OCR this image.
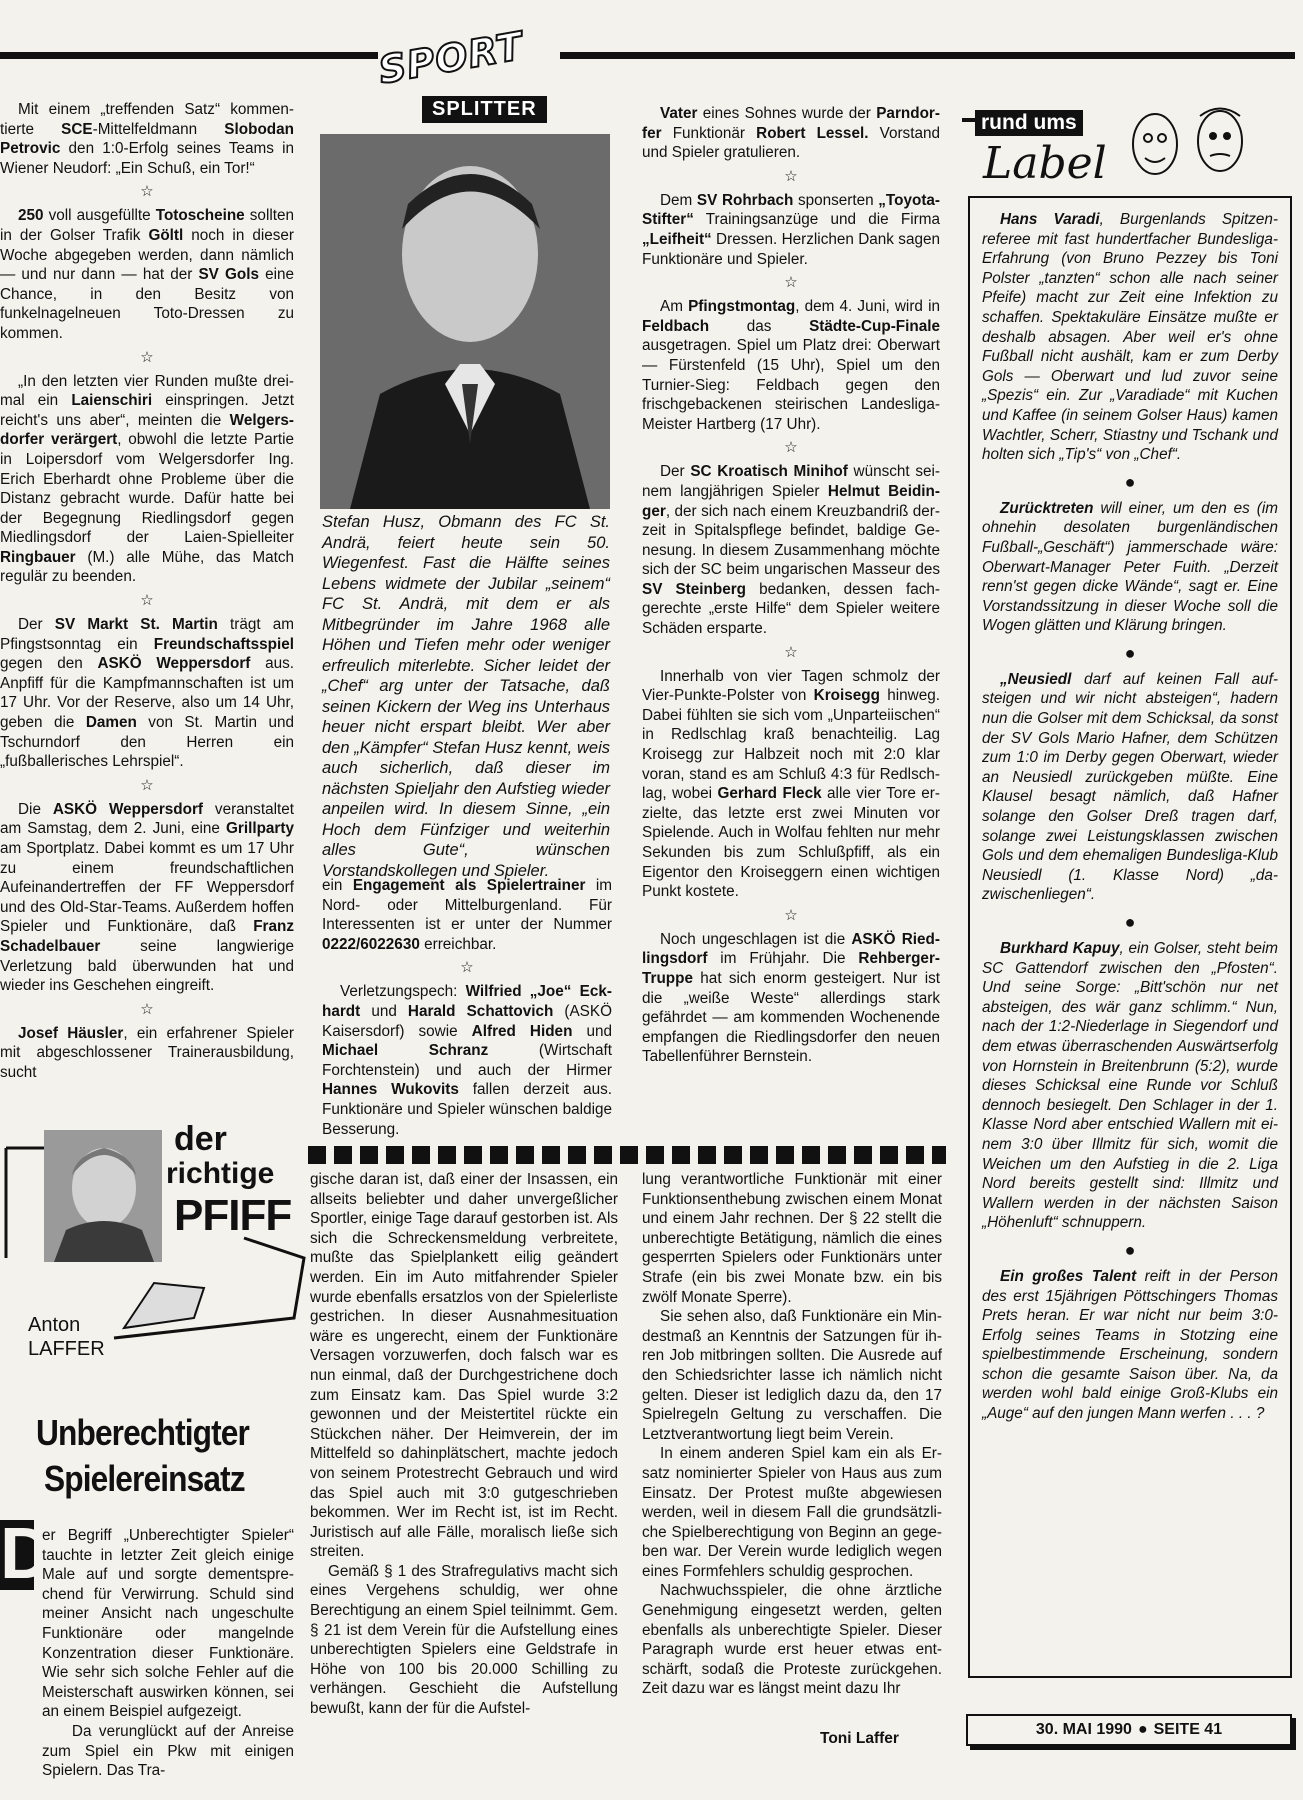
SPORT
SPLITTER

Mit einem „treffenden Satz“ kommentierte SCE-Mittelfeldmann Slobodan Petrovic den 1:0-Erfolg seines Teams in Wiener Neudorf: „Ein Schuß, ein Tor!“

☆

250 voll ausgefüllte Totoscheine sollten in der Golser Trafik Göltl noch in dieser Woche abgegeben werden, dann nämlich — und nur dann — hat der SV Gols eine Chance, in den Besitz von funkelnagelneuen Toto-Dressen zu kommen.

☆

„In den letzten vier Runden mußte dreimal ein Laienschiri einspringen. Jetzt reicht's uns aber“, meinten die Welgersdorfer verärgert, obwohl die letzte Partie in Loipersdorf vom Welgersdorfer Ing. Erich Eberhardt ohne Probleme über die Distanz gebracht wurde. Dafür hatte bei der Begegnung Riedlingsdorf gegen Miedlingsdorf der Laien-Spielleiter Ringbauer (M.) alle Mühe, das Match regulär zu beenden.

☆

Der SV Markt St. Martin trägt am Pfingstsonntag ein Freundschaftsspiel gegen den ASKÖ Weppersdorf aus. Anpfiff für die Kampfmannschaften ist um 17 Uhr. Vor der Reserve, also um 14 Uhr, geben die Damen von St. Martin und Tschurndorf den Herren ein „fußballerisches Lehrspiel“.

☆

Die ASKÖ Weppersdorf veranstaltet am Samstag, dem 2. Juni, eine Grillparty am Sportplatz. Dabei kommt es um 17 Uhr zu einem freundschaftlichen Aufeinandertreffen der FF Weppersdorf und des Old-Star-Teams. Außerdem hoffen Spieler und Funktionäre, daß Franz Schadelbauer seine langwierige Verletzung bald überwunden hat und wieder ins Geschehen eingreift.

☆

Josef Häusler, ein erfahrener Spieler mit abgeschlossener Trainerausbildung, sucht

Stefan Husz, Obmann des FC St. Andrä, feiert heute sein 50. Wiegenfest. Fast die Hälfte seines Lebens widmete der Jubilar „seinem“ FC St. Andrä, mit dem er als Mitbegründer im Jahre 1968 alle Höhen und Tiefen mehr oder weniger erfreulich miterlebte. Sicher leidet der „Chef“ arg unter der Tatsache, daß seinen Kickern der Weg ins Unterhaus heuer nicht erspart bleibt. Wer aber den „Kämpfer“ Stefan Husz kennt, weis auch sicherlich, daß dieser im nächsten Spieljahr den Aufstieg wieder anpeilen wird. In diesem Sinne, „ein Hoch dem Fünfziger und weiterhin alles Gute“, wünschen Vorstandskollegen und Spieler.

ein Engagement als Spielertrainer im Nord- oder Mittelburgenland. Für Interessenten ist er unter der Nummer 0222/6022630 erreichbar.

☆

Verletzungspech: Wilfried „Joe“ Eckhardt und Harald Schattovich (ASKÖ Kaisersdorf) sowie Alfred Hiden und Michael Schranz (Wirtschaft Forchtenstein) und auch der Hirmer Hannes Wukovits fallen derzeit aus. Funktionäre und Spieler wünschen baldige Besserung.

Vater eines Sohnes wurde der Parndorfer Funktionär Robert Lessel. Vorstand und Spieler gratulieren.

☆

Dem SV Rohrbach sponserten „Toyota-Stifter“ Trainingsanzüge und die Firma „Leifheit“ Dressen. Herzlichen Dank sagen Funktionäre und Spieler.

☆

Am Pfingstmontag, dem 4. Juni, wird in Feldbach das Städte-Cup-Finale ausgetragen. Spiel um Platz drei: Oberwart — Fürstenfeld (15 Uhr), Spiel um den Turnier-Sieg: Feldbach gegen den frischgebackenen steirischen Landesliga-Meister Hartberg (17 Uhr).

☆

Der SC Kroatisch Minihof wünscht seinem langjährigen Spieler Helmut Beidinger, der sich nach einem Kreuzbandriß derzeit in Spitalspflege befindet, baldige Genesung. In diesem Zusammenhang möchte sich der SC beim ungarischen Masseur des SV Steinberg bedanken, dessen fachgerechte „erste Hilfe“ dem Spieler weitere Schäden ersparte.

☆

Innerhalb von vier Tagen schmolz der Vier-Punkte-Polster von Kroisegg hinweg. Dabei fühlten sie sich vom „Unparteiischen“ in Redlschlag kraß benachteilig. Lag Kroisegg zur Halbzeit noch mit 2:0 klar voran, stand es am Schluß 4:3 für Redlschlag, wobei Gerhard Fleck alle vier Tore erzielte, das letzte erst zwei Minuten vor Spielende. Auch in Wolfau fehlten nur mehr Sekunden bis zum Schlußpfiff, als ein Eigentor den Kroiseggern einen wichtigen Punkt kostete.

☆

Noch ungeschlagen ist die ASKÖ Riedlingsdorf im Frühjahr. Die Rehberger-Truppe hat sich enorm gesteigert. Nur ist die „weiße Weste“ allerdings stark gefährdet — am kommenden Wochenende empfangen die Riedlingsdorfer den neuen Tabellenführer Bernstein.

rund ums
Label

Hans Varadi, Burgenlands Spitzenreferee mit fast hundertfacher Bundesliga-Erfahrung (von Bruno Pezzey bis Toni Polster „tanzten“ schon alle nach seiner Pfeife) macht zur Zeit eine Infektion zu schaffen. Spektakuläre Einsätze mußte er deshalb absagen. Aber weil er's ohne Fußball nicht aushält, kam er zum Derby Gols — Oberwart und lud zuvor seine „Spezis“ ein. Zur „Varadiade“ mit Kuchen und Kaffee (in seinem Golser Haus) kamen Wachtler, Scherr, Stiastny und Tschank und holten sich „Tip's“ von „Chef“.

●

Zurücktreten will einer, um den es (im ohnehin desolaten burgenländischen Fußball-„Geschäft“) jammerschade wäre: Oberwart-Manager Peter Fuith. „Derzeit renn'st gegen dicke Wände“, sagt er. Eine Vorstandssitzung in dieser Woche soll die Wogen glätten und Klärung bringen.

●

„Neusiedl darf auf keinen Fall aufsteigen und wir nicht absteigen“, hadern nun die Golser mit dem Schicksal, da sonst der SV Gols Mario Hafner, dem Schützen zum 1:0 im Derby gegen Oberwart, wieder an Neusiedl zurückgeben müßte. Eine Klausel besagt nämlich, daß Hafner solange den Golser Dreß tragen darf, solange zwei Leistungsklassen zwischen Gols und dem ehemaligen Bundesliga-Klub Neusiedl (1. Klasse Nord) „dazwischenliegen“.

●

Burkhard Kapuy, ein Golser, steht beim SC Gattendorf zwischen den „Pfosten“. Und seine Sorge: „Bitt'schön nur net absteigen, des wär ganz schlimm.“ Nun, nach der 1:2-Niederlage in Siegendorf und dem etwas überraschenden Auswärtserfolg von Hornstein in Breitenbrunn (5:2), wurde dieses Schicksal eine Runde vor Schluß dennoch besiegelt. Den Schlager in der 1. Klasse Nord aber entschied Wallern mit einem 3:0 über Illmitz für sich, womit die Weichen um den Aufstieg in die 2. Liga Nord bereits gestellt sind: Illmitz und Wallern werden in der nächsten Saison „Höhenluft“ schnuppern.

●

Ein großes Talent reift in der Person des erst 15jährigen Pöttschingers Thomas Prets heran. Er war nicht nur beim 3:0-Erfolg seines Teams in Stotzing eine spielbestimmende Erscheinung, sondern schon die gesamte Saison über. Na, da werden wohl bald einige Groß-Klubs ein „Auge“ auf den jungen Mann werfen . . . ?

der
richtige
PFIFF
Anton
LAFFER
Unberechtigter
Spielereinsatz
D

er Begriff „Unberechtigter Spieler“ tauchte in letzter Zeit gleich einige Male auf und sorgte dementsprechend für Verwirrung. Schuld sind meiner Ansicht nach ungeschulte Funktionäre oder mangelnde Konzentration dieser Funktionäre. Wie sehr sich solche Fehler auf die Meisterschaft auswirken können, sei an einem Beispiel aufgezeigt.
Da verunglückt auf der Anreise zum Spiel ein Pkw mit einigen Spielern. Das Tra-

gische daran ist, daß einer der Insassen, ein allseits beliebter und daher unvergeßlicher Sportler, einige Tage darauf gestorben ist. Als sich die Schreckensmeldung verbreitete, mußte das Spielplankett eilig geändert werden. Ein im Auto mitfahrender Spieler wurde ebenfalls ersatzlos von der Spielerliste gestrichen. In dieser Ausnahmesituation wäre es ungerecht, einem der Funktionäre Versagen vorzuwerfen, doch falsch war es nun einmal, daß der Durchgestrichene doch zum Einsatz kam. Das Spiel wurde 3:2 gewonnen und der Meistertitel rückte ein Stückchen näher. Der Heimverein, der im Mittelfeld so dahinplätschert, machte jedoch von seinem Protestrecht Gebrauch und wird das Spiel auch mit 3:0 gutgeschrieben bekommen. Wer im Recht ist, ist im Recht. Juristisch auf alle Fälle, moralisch ließe sich streiten.

Gemäß § 1 des Strafregulativs macht sich eines Vergehens schuldig, wer ohne Berechtigung an einem Spiel teilnimmt. Gem. § 21 ist dem Verein für die Aufstellung eines unberechtigten Spielers eine Geldstrafe in Höhe von 100 bis 20.000 Schilling zu verhängen. Geschieht die Aufstellung bewußt, kann der für die Aufstel-

lung verantwortliche Funktionär mit einer Funktionsenthebung zwischen einem Monat und einem Jahr rechnen. Der § 22 stellt die unberechtigte Betätigung, nämlich die eines gesperrten Spielers oder Funktionärs unter Strafe (ein bis zwei Monate bzw. ein bis zwölf Monate Sperre).

Sie sehen also, daß Funktionäre ein Mindestmaß an Kenntnis der Satzungen für ihren Job mitbringen sollten. Die Ausrede auf den Schiedsrichter lasse ich nämlich nicht gelten. Dieser ist lediglich dazu da, den 17 Spielregeln Geltung zu verschaffen. Die Letztverantwortung liegt beim Verein.

In einem anderen Spiel kam ein als Ersatz nominierter Spieler von Haus aus zum Einsatz. Der Protest mußte abgewiesen werden, weil in diesem Fall die grundsätzliche Spielberechtigung von Beginn an gegeben war. Der Verein wurde lediglich wegen eines Formfehlers schuldig gesprochen.

Nachwuchsspieler, die ohne ärztliche Genehmigung eingesetzt werden, gelten ebenfalls als unberechtigte Spieler. Dieser Paragraph wurde erst heuer etwas entschärft, sodaß die Proteste zurückgehen. Zeit dazu war es längst meint dazu Ihr

Toni Laffer
30. MAI 1990 ● SEITE 41
